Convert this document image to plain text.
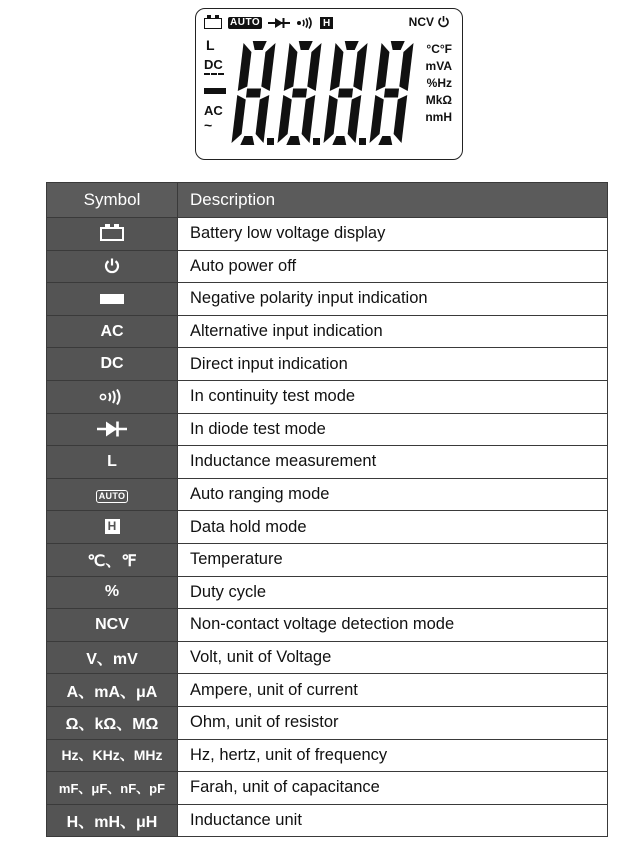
AUTO	H	NCV
L
DC
AC
~
°C°F
mVA
%Hz
MkΩ
nmH
Symbol	Description
	Battery low voltage display
	Auto power off
	Negative polarity input indication
AC	Alternative input indication
DC	Direct input indication
	In continuity test mode
	In diode test mode
L	Inductance measurement
AUTO	Auto ranging mode
H	Data hold mode
℃、℉	Temperature
%	Duty cycle
NCV	Non-contact voltage detection mode
V、mV	Volt, unit of Voltage
A、mA、μA	Ampere, unit of current
Ω、kΩ、MΩ	Ohm, unit of resistor
Hz、KHz、MHz	Hz, hertz, unit of frequency
mF、μF、nF、pF	Farah, unit of capacitance
H、mH、μH	Inductance unit
